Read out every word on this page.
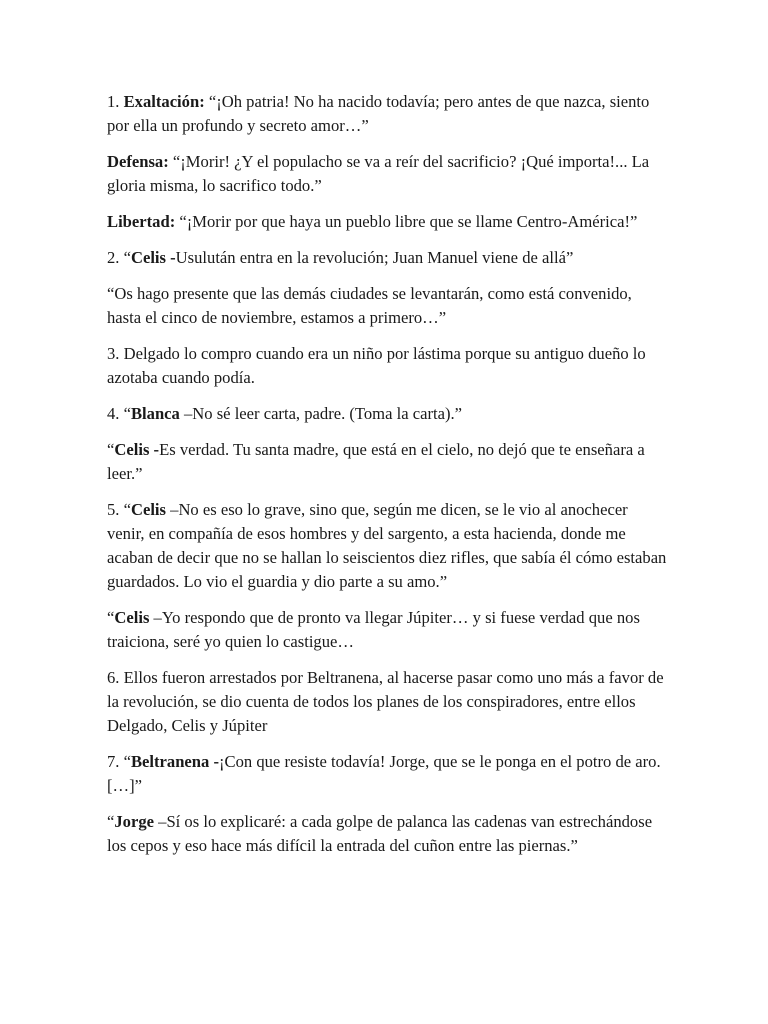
1. Exaltación: “¡Oh patria! No ha nacido todavía; pero antes de que nazca, siento por ella un profundo y secreto amor…”

Defensa: “¡Morir! ¿Y el populacho se va a reír del sacrificio? ¡Qué importa!... La gloria misma, lo sacrifico todo.”

Libertad: “¡Morir por que haya un pueblo libre que se llame Centro-América!”

2. “Celis -Usulután entra en la revolución; Juan Manuel viene de allá”

“Os hago presente que las demás ciudades se levantarán, como está convenido, hasta el cinco de noviembre, estamos a primero…”

3. Delgado lo compro cuando era un niño por lástima porque su antiguo dueño lo azotaba cuando podía.

4. “Blanca –No sé leer carta, padre. (Toma la carta).”

“Celis -Es verdad. Tu santa madre, que está en el cielo, no dejó que te enseñara a leer.”

5. “Celis –No es eso lo grave, sino que, según me dicen, se le vio al anochecer venir, en compañía de esos hombres y del sargento, a esta hacienda, donde me acaban de decir que no se hallan lo seiscientos diez rifles, que sabía él cómo estaban guardados. Lo vio el guardia y dio parte a su amo.”

“Celis –Yo respondo que de pronto va llegar Júpiter… y si fuese verdad que nos traiciona, seré yo quien lo castigue…

6. Ellos fueron arrestados por Beltranena, al hacerse pasar como uno más a favor de la revolución, se dio cuenta de todos los planes de los conspiradores, entre ellos Delgado, Celis y Júpiter

7. “Beltranena -¡Con que resiste todavía! Jorge, que se le ponga en el potro de aro. […]”

“Jorge –Sí os lo explicaré: a cada golpe de palanca las cadenas van estrechándose los cepos y eso hace más difícil la entrada del cuñon entre las piernas.”
